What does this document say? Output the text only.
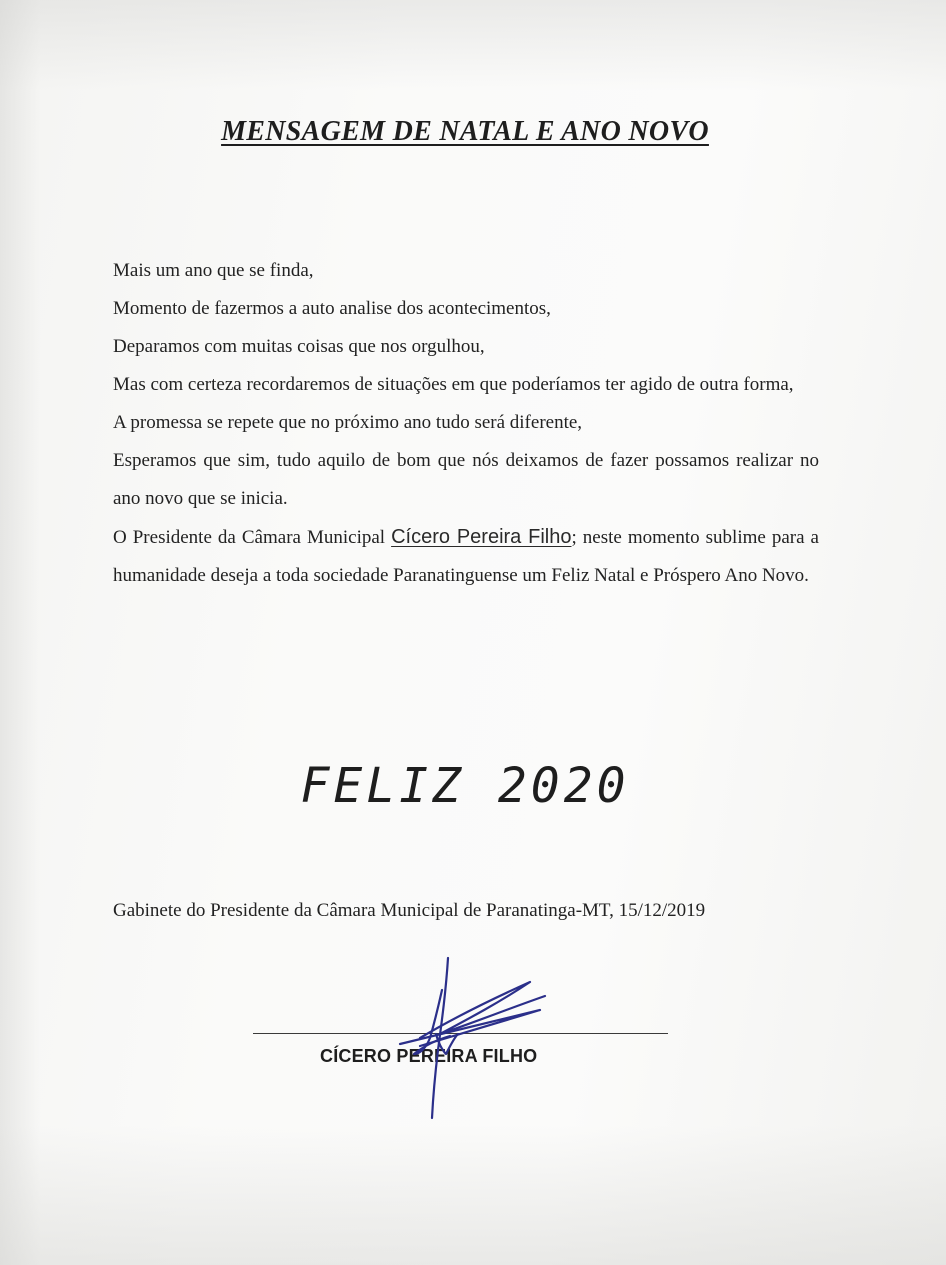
MENSAGEM DE NATAL E ANO NOVO

Mais um ano que se finda,

Momento de fazermos a auto analise dos acontecimentos,

Deparamos com muitas coisas que nos orgulhou,

Mas com certeza recordaremos de situações em que poderíamos ter agido de outra forma,

A promessa se repete que no próximo ano tudo será diferente,

Esperamos que sim, tudo aquilo de bom que nós deixamos de fazer possamos realizar no ano novo que se inicia.

O Presidente da Câmara Municipal Cícero Pereira Filho; neste momento sublime para a humanidade deseja a toda sociedade Paranatinguense um Feliz Natal e Próspero Ano Novo.

FELIZ 2020
Gabinete do Presidente da Câmara Municipal de Paranatinga-MT, 15/12/2019
CÍCERO PEREIRA FILHO
